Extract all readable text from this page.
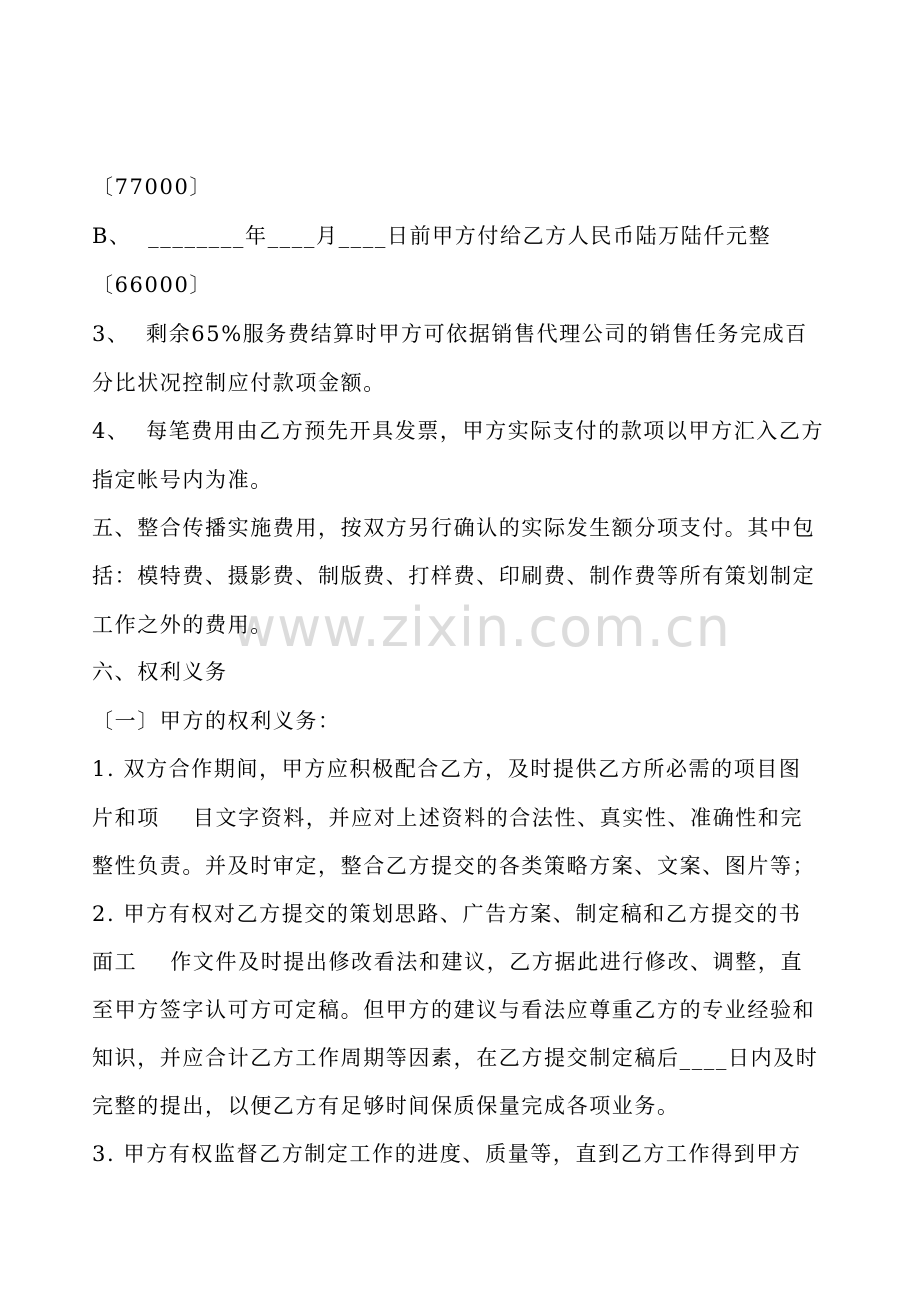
www.zixin.com.cn
〔77000〕
B、  ________年____月____日前甲方付给乙方人民币陆万陆仟元整
〔66000〕
3、  剩余65%服务费结算时甲方可依据销售代理公司的销售任务完成百
分比状况控制应付款项金额。
4、  每笔费用由乙方预先开具发票，甲方实际支付的款项以甲方汇入乙方
指定帐号内为准。
五、整合传播实施费用，按双方另行确认的实际发生额分项支付。其中包
括：模特费、摄影费、制版费、打样费、印刷费、制作费等所有策划制定
工作之外的费用。
六、权利义务
〔一〕甲方的权利义务：
1. 双方合作期间，甲方应积极配合乙方，及时提供乙方所必需的项目图
片和项    目文字资料，并应对上述资料的合法性、真实性、准确性和完
整性负责。并及时审定，整合乙方提交的各类策略方案、文案、图片等；
2. 甲方有权对乙方提交的策划思路、广告方案、制定稿和乙方提交的书
面工    作文件及时提出修改看法和建议，乙方据此进行修改、调整，直
至甲方签字认可方可定稿。但甲方的建议与看法应尊重乙方的专业经验和
知识，并应合计乙方工作周期等因素，在乙方提交制定稿后____日内及时
完整的提出，以便乙方有足够时间保质保量完成各项业务。
3. 甲方有权监督乙方制定工作的进度、质量等，直到乙方工作得到甲方
